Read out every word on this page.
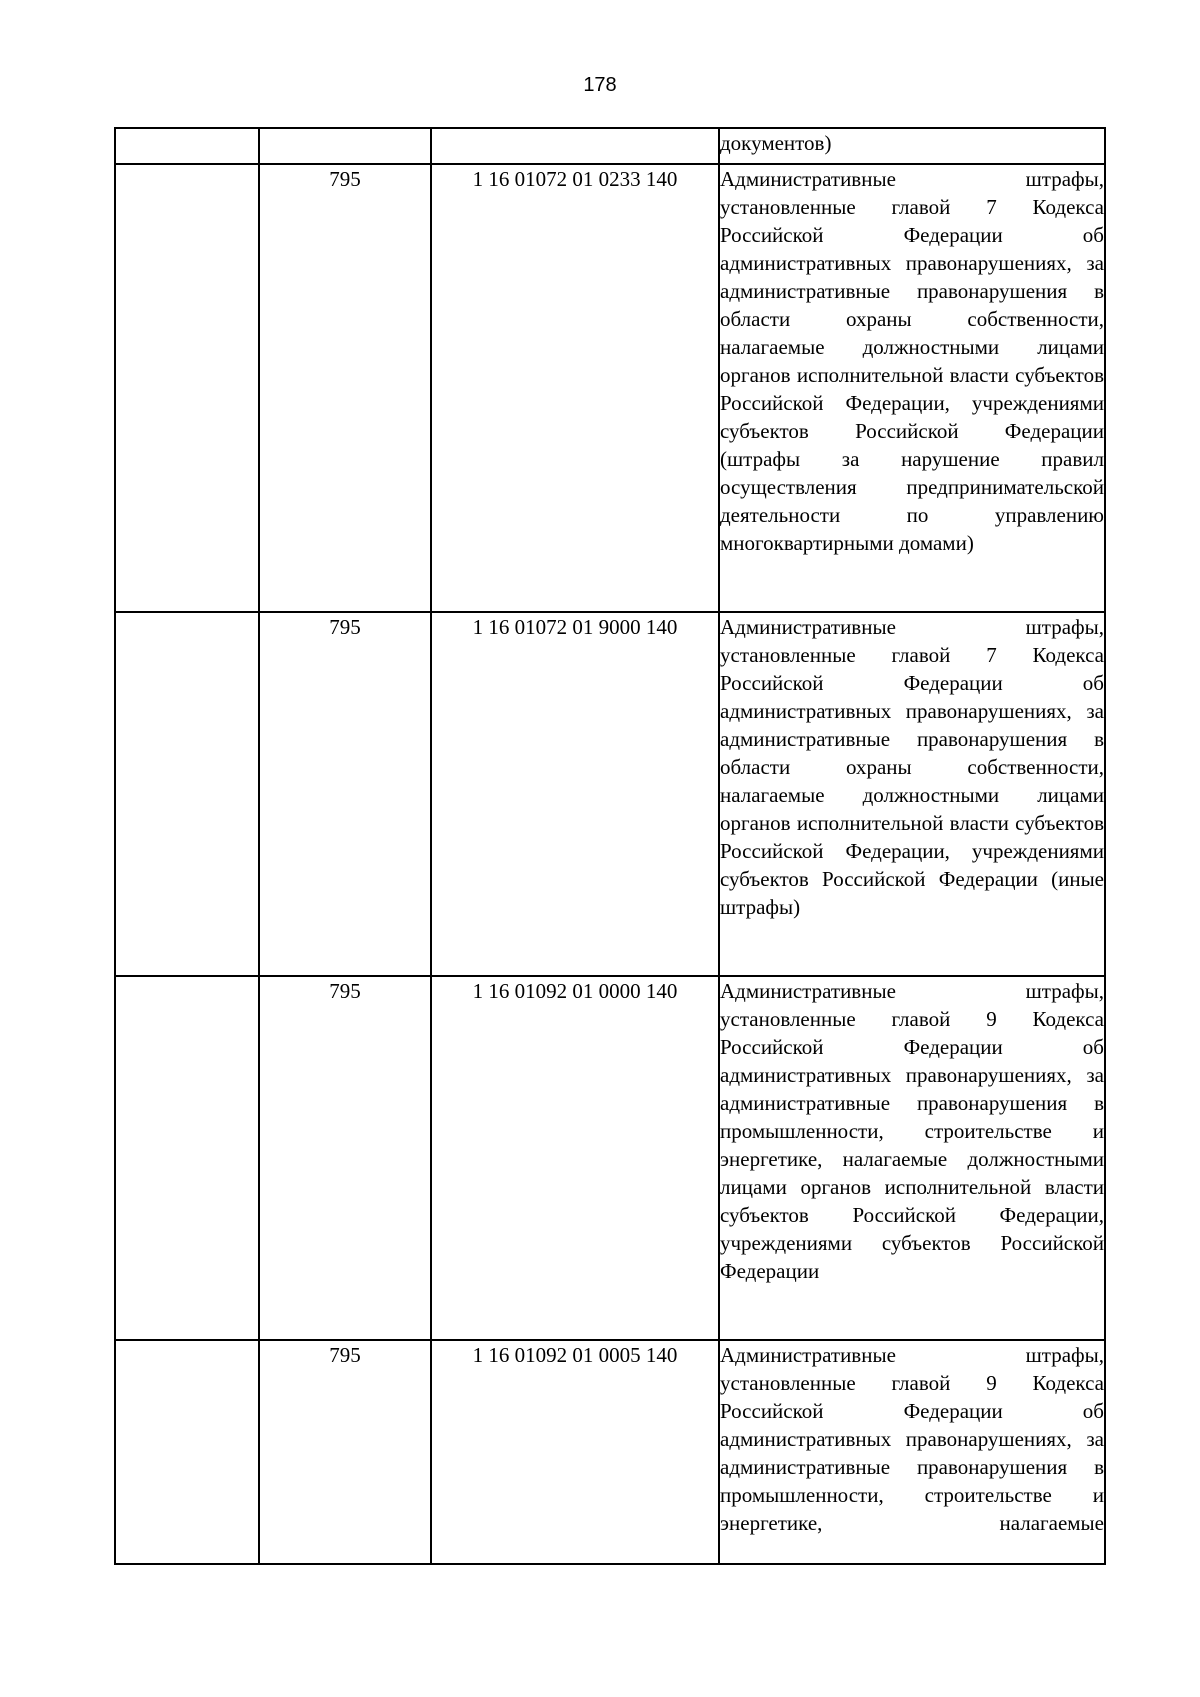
178
			документов)
	795	1 16 01072 01 0233 140	Административные штрафы, установленные главой 7 Кодекса Российской Федерации об административных правонарушениях, за административные правонарушения в области охраны собственности, налагаемые должностными лицами органов исполнительной власти субъектов Российской Федерации, учреждениями субъектов Российской Федерации (штрафы за нарушение правил осуществления предпринимательской деятельности по управлению многоквартирными домами)
	795	1 16 01072 01 9000 140	Административные штрафы, установленные главой 7 Кодекса Российской Федерации об административных правонарушениях, за административные правонарушения в области охраны собственности, налагаемые должностными лицами органов исполнительной власти субъектов Российской Федерации, учреждениями субъектов Российской Федерации (иные штрафы)
	795	1 16 01092 01 0000 140	Административные штрафы, установленные главой 9 Кодекса Российской Федерации об административных правонарушениях, за административные правонарушения в промышленности, строительстве и энергетике, налагаемые должностными лицами органов исполнительной власти субъектов Российской Федерации, учреждениями субъектов Российской Федерации
	795	1 16 01092 01 0005 140	Административные штрафы, установленные главой 9 Кодекса Российской Федерации об административных правонарушениях, за административные правонарушения в промышленности, строительстве и энергетике, налагаемые
